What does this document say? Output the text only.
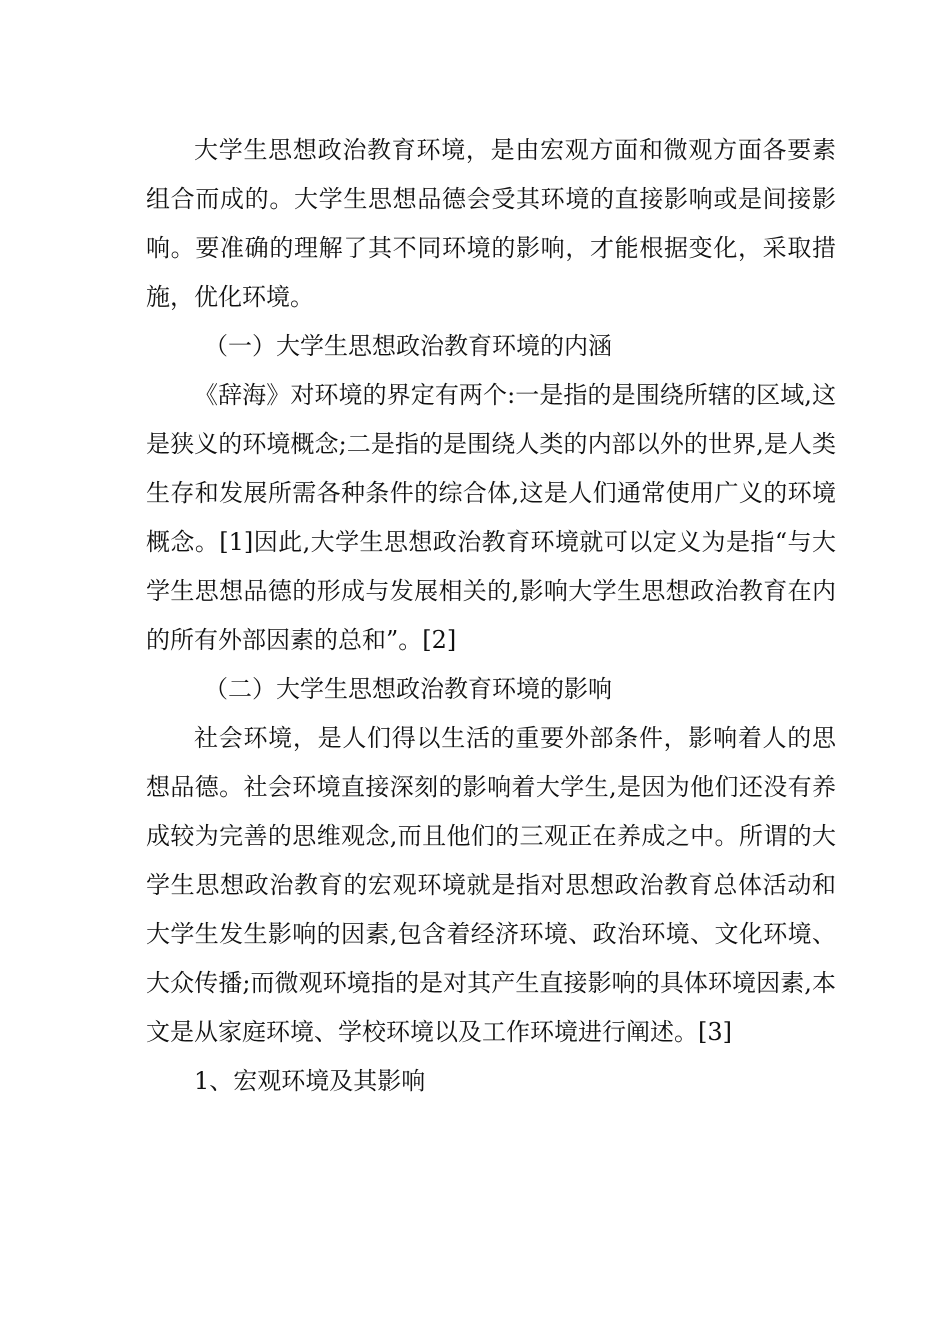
大学生思想政治教育环境，是由宏观方面和微观方面各要素组合而成的。大学生思想品德会受其环境的直接影响或是间接影响。要准确的理解了其不同环境的影响，才能根据变化，采取措施，优化环境。

（一）大学生思想政治教育环境的内涵

《辞海》对环境的界定有两个:一是指的是围绕所辖的区域,这是狭义的环境概念;二是指的是围绕人类的内部以外的世界,是人类生存和发展所需各种条件的综合体,这是人们通常使用广义的环境概念。[1]因此,大学生思想政治教育环境就可以定义为是指“与大学生思想品德的形成与发展相关的,影响大学生思想政治教育在内的所有外部因素的总和”。[2]

（二）大学生思想政治教育环境的影响

社会环境，是人们得以生活的重要外部条件，影响着人的思想品德。社会环境直接深刻的影响着大学生,是因为他们还没有养成较为完善的思维观念,而且他们的三观正在养成之中。所谓的大学生思想政治教育的宏观环境就是指对思想政治教育总体活动和大学生发生影响的因素,包含着经济环境、政治环境、文化环境、大众传播;而微观环境指的是对其产生直接影响的具体环境因素,本文是从家庭环境、学校环境以及工作环境进行阐述。[3]

1、宏观环境及其影响
